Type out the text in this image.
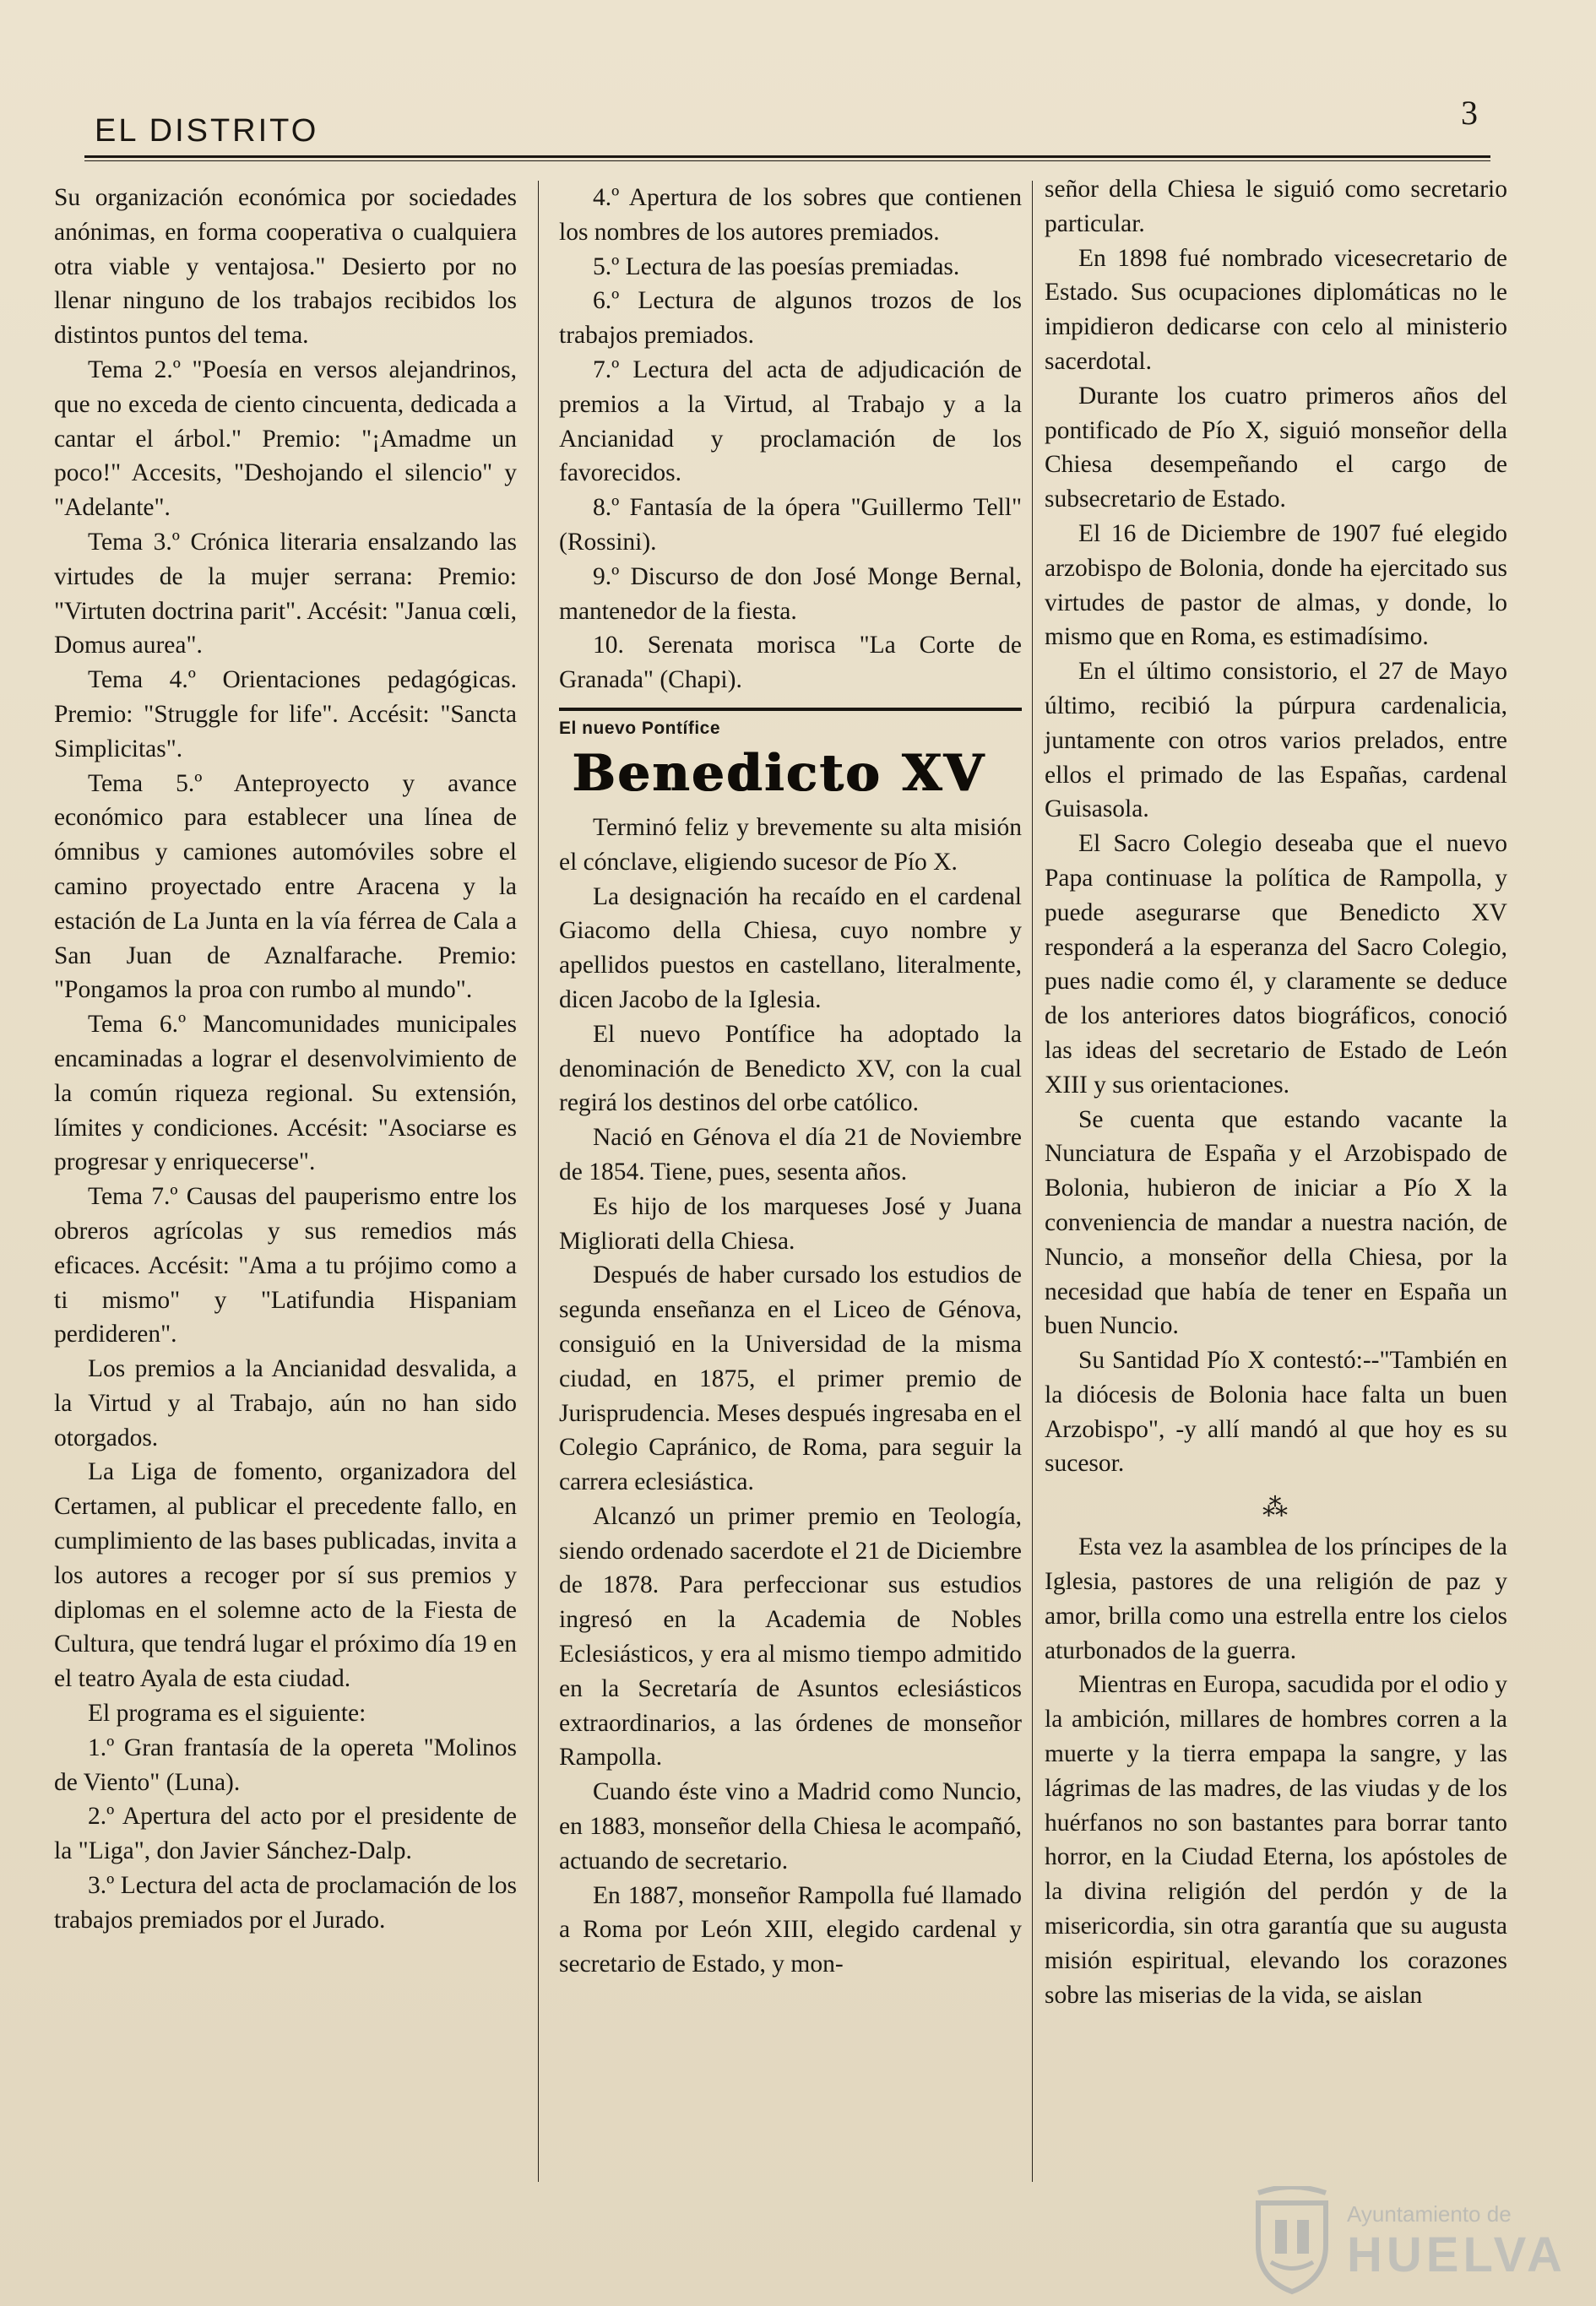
EL DISTRITO	3

Su organización económica por sociedades anónimas, en forma cooperativa o cualquiera otra viable y ventajosa." Desierto por no llenar ninguno de los trabajos recibidos los distintos puntos del tema.

Tema 2.º "Poesía en versos alejandrinos, que no exceda de ciento cincuenta, dedicada a cantar el árbol." Premio: "¡Amadme un poco!" Accesits, "Deshojando el silencio" y "Adelante".

Tema 3.º Crónica literaria ensalzando las virtudes de la mujer serrana: Premio: "Virtuten doctrina parit". Accésit: "Janua cœli, Domus aurea".

Tema 4.º Orientaciones pedagógicas. Premio: "Struggle for life". Accésit: "Sancta Simplicitas".

Tema 5.º Anteproyecto y avance económico para establecer una línea de ómnibus y camiones automóviles sobre el camino proyectado entre Aracena y la estación de La Junta en la vía férrea de Cala a San Juan de Aznalfarache. Premio: "Pongamos la proa con rumbo al mundo".

Tema 6.º Mancomunidades municipales encaminadas a lograr el desenvolvimiento de la común riqueza regional. Su extensión, límites y condiciones. Accésit: "Asociarse es progresar y enriquecerse".

Tema 7.º Causas del pauperismo entre los obreros agrícolas y sus remedios más eficaces. Accésit: "Ama a tu prójimo como a ti mismo" y "Latifundia Hispaniam perdideren".

Los premios a la Ancianidad desvalida, a la Virtud y al Trabajo, aún no han sido otorgados.

La Liga de fomento, organizadora del Certamen, al publicar el precedente fallo, en cumplimiento de las bases publicadas, invita a los autores a recoger por sí sus premios y diplomas en el solemne acto de la Fiesta de Cultura, que tendrá lugar el próximo día 19 en el teatro Ayala de esta ciudad.

El programa es el siguiente:

1.º Gran frantasía de la opereta "Molinos de Viento" (Luna).

2.º Apertura del acto por el presidente de la "Liga", don Javier Sánchez-Dalp.

3.º Lectura del acta de proclamación de los trabajos premiados por el Jurado.

4.º Apertura de los sobres que contienen los nombres de los autores premiados.

5.º Lectura de las poesías premiadas.

6.º Lectura de algunos trozos de los trabajos premiados.

7.º Lectura del acta de adjudicación de premios a la Virtud, al Trabajo y a la Ancianidad y proclamación de los favorecidos.

8.º Fantasía de la ópera "Guillermo Tell" (Rossini).

9.º Discurso de don José Monge Bernal, mantenedor de la fiesta.

10. Serenata morisca "La Corte de Granada" (Chapi).

El nuevo Pontífice
Benedicto XV

Terminó feliz y brevemente su alta misión el cónclave, eligiendo sucesor de Pío X.

La designación ha recaído en el cardenal Giacomo della Chiesa, cuyo nombre y apellidos puestos en castellano, literalmente, dicen Jacobo de la Iglesia.

El nuevo Pontífice ha adoptado la denominación de Benedicto XV, con la cual regirá los destinos del orbe católico.

Nació en Génova el día 21 de Noviembre de 1854. Tiene, pues, sesenta años.

Es hijo de los marqueses José y Juana Migliorati della Chiesa.

Después de haber cursado los estudios de segunda enseñanza en el Liceo de Génova, consiguió en la Universidad de la misma ciudad, en 1875, el primer premio de Jurisprudencia. Meses después ingresaba en el Colegio Capránico, de Roma, para seguir la carrera eclesiástica.

Alcanzó un primer premio en Teología, siendo ordenado sacerdote el 21 de Diciembre de 1878. Para perfeccionar sus estudios ingresó en la Academia de Nobles Eclesiásticos, y era al mismo tiempo admitido en la Secretaría de Asuntos eclesiásticos extraordinarios, a las órdenes de monseñor Rampolla.

Cuando éste vino a Madrid como Nuncio, en 1883, monseñor della Chiesa le acompañó, actuando de secretario.

En 1887, monseñor Rampolla fué llamado a Roma por León XIII, elegido cardenal y secretario de Estado, y mon-

señor della Chiesa le siguió como secretario particular.

En 1898 fué nombrado vicesecretario de Estado. Sus ocupaciones diplomáticas no le impidieron dedicarse con celo al ministerio sacerdotal.

Durante los cuatro primeros años del pontificado de Pío X, siguió monseñor della Chiesa desempeñando el cargo de subsecretario de Estado.

El 16 de Diciembre de 1907 fué elegido arzobispo de Bolonia, donde ha ejercitado sus virtudes de pastor de almas, y donde, lo mismo que en Roma, es estimadísimo.

En el último consistorio, el 27 de Mayo último, recibió la púrpura cardenalicia, juntamente con otros varios prelados, entre ellos el primado de las Españas, cardenal Guisasola.

El Sacro Colegio deseaba que el nuevo Papa continuase la política de Rampolla, y puede asegurarse que Benedicto XV responderá a la esperanza del Sacro Colegio, pues nadie como él, y claramente se deduce de los anteriores datos biográficos, conoció las ideas del secretario de Estado de León XIII y sus orientaciones.

Se cuenta que estando vacante la Nunciatura de España y el Arzobispado de Bolonia, hubieron de iniciar a Pío X la conveniencia de mandar a nuestra nación, de Nuncio, a monseñor della Chiesa, por la necesidad que había de tener en España un buen Nuncio.

Su Santidad Pío X contestó:--"También en la diócesis de Bolonia hace falta un buen Arzobispo", -y allí mandó al que hoy es su sucesor.

⁂

Esta vez la asamblea de los príncipes de la Iglesia, pastores de una religión de paz y amor, brilla como una estrella entre los cielos aturbonados de la guerra.

Mientras en Europa, sacudida por el odio y la ambición, millares de hombres corren a la muerte y la tierra empapa la sangre, y las lágrimas de las madres, de las viudas y de los huérfanos no son bastantes para borrar tanto horror, en la Ciudad Eterna, los apóstoles de la divina religión del perdón y de la misericordia, sin otra garantía que su augusta misión espiritual, elevando los corazones sobre las miserias de la vida, se aislan

Ayuntamiento de
HUELVA
